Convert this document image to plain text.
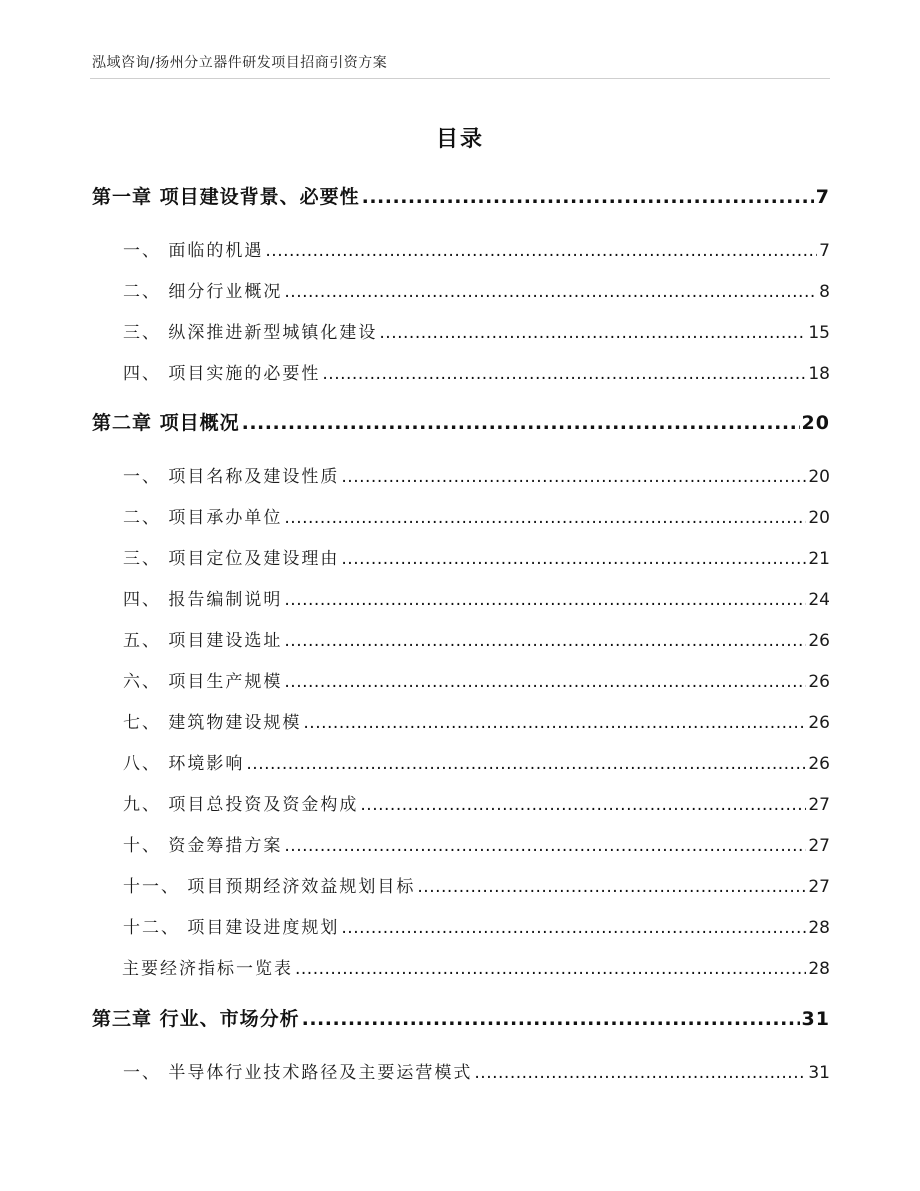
泓域咨询/扬州分立器件研发项目招商引资方案
目录
第一章 项目建设背景、必要性 .....	7
一、 面临的机遇 .....	7
二、 细分行业概况 .....	8
三、 纵深推进新型城镇化建设 .....	15
四、 项目实施的必要性 .....	18
第二章 项目概况 .....	20
一、 项目名称及建设性质 .....	20
二、 项目承办单位 .....	20
三、 项目定位及建设理由 .....	21
四、 报告编制说明 .....	24
五、 项目建设选址 .....	26
六、 项目生产规模 .....	26
七、 建筑物建设规模 .....	26
八、 环境影响 .....	26
九、 项目总投资及资金构成 .....	27
十、 资金筹措方案 .....	27
十一、 项目预期经济效益规划目标 .....	27
十二、 项目建设进度规划 .....	28
主要经济指标一览表 .....	28
第三章 行业、市场分析 .....	31
一、 半导体行业技术路径及主要运营模式 .....	31
